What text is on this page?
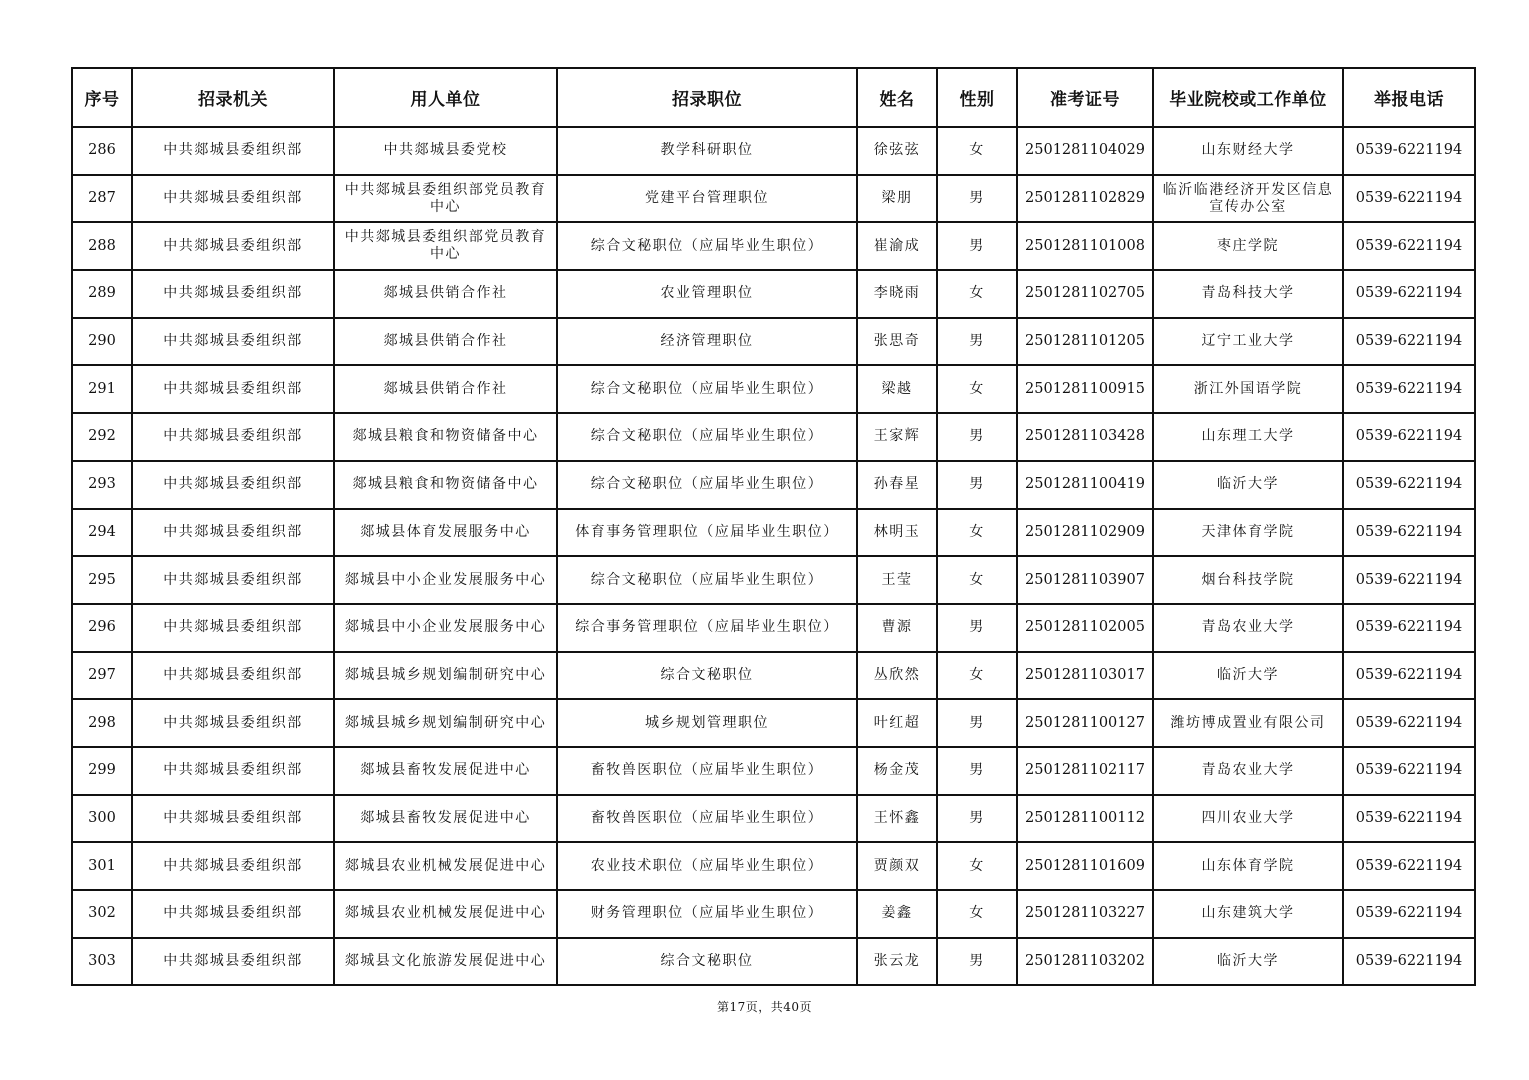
序号	招录机关	用人单位	招录职位	姓名	性别	准考证号	毕业院校或工作单位	举报电话
286	中共郯城县委组织部	中共郯城县委党校	教学科研职位	徐弦弦	女	2501281104029	山东财经大学	0539-6221194
287	中共郯城县委组织部	中共郯城县委组织部党员教育中心	党建平台管理职位	梁朋	男	2501281102829	临沂临港经济开发区信息宣传办公室	0539-6221194
288	中共郯城县委组织部	中共郯城县委组织部党员教育中心	综合文秘职位（应届毕业生职位）	崔渝成	男	2501281101008	枣庄学院	0539-6221194
289	中共郯城县委组织部	郯城县供销合作社	农业管理职位	李晓雨	女	2501281102705	青岛科技大学	0539-6221194
290	中共郯城县委组织部	郯城县供销合作社	经济管理职位	张思奇	男	2501281101205	辽宁工业大学	0539-6221194
291	中共郯城县委组织部	郯城县供销合作社	综合文秘职位（应届毕业生职位）	梁越	女	2501281100915	浙江外国语学院	0539-6221194
292	中共郯城县委组织部	郯城县粮食和物资储备中心	综合文秘职位（应届毕业生职位）	王家辉	男	2501281103428	山东理工大学	0539-6221194
293	中共郯城县委组织部	郯城县粮食和物资储备中心	综合文秘职位（应届毕业生职位）	孙春星	男	2501281100419	临沂大学	0539-6221194
294	中共郯城县委组织部	郯城县体育发展服务中心	体育事务管理职位（应届毕业生职位）	林明玉	女	2501281102909	天津体育学院	0539-6221194
295	中共郯城县委组织部	郯城县中小企业发展服务中心	综合文秘职位（应届毕业生职位）	王莹	女	2501281103907	烟台科技学院	0539-6221194
296	中共郯城县委组织部	郯城县中小企业发展服务中心	综合事务管理职位（应届毕业生职位）	曹源	男	2501281102005	青岛农业大学	0539-6221194
297	中共郯城县委组织部	郯城县城乡规划编制研究中心	综合文秘职位	丛欣然	女	2501281103017	临沂大学	0539-6221194
298	中共郯城县委组织部	郯城县城乡规划编制研究中心	城乡规划管理职位	叶红超	男	2501281100127	潍坊博成置业有限公司	0539-6221194
299	中共郯城县委组织部	郯城县畜牧发展促进中心	畜牧兽医职位（应届毕业生职位）	杨金茂	男	2501281102117	青岛农业大学	0539-6221194
300	中共郯城县委组织部	郯城县畜牧发展促进中心	畜牧兽医职位（应届毕业生职位）	王怀鑫	男	2501281100112	四川农业大学	0539-6221194
301	中共郯城县委组织部	郯城县农业机械发展促进中心	农业技术职位（应届毕业生职位）	贾颜双	女	2501281101609	山东体育学院	0539-6221194
302	中共郯城县委组织部	郯城县农业机械发展促进中心	财务管理职位（应届毕业生职位）	姜鑫	女	2501281103227	山东建筑大学	0539-6221194
303	中共郯城县委组织部	郯城县文化旅游发展促进中心	综合文秘职位	张云龙	男	2501281103202	临沂大学	0539-6221194
第17页，共40页
